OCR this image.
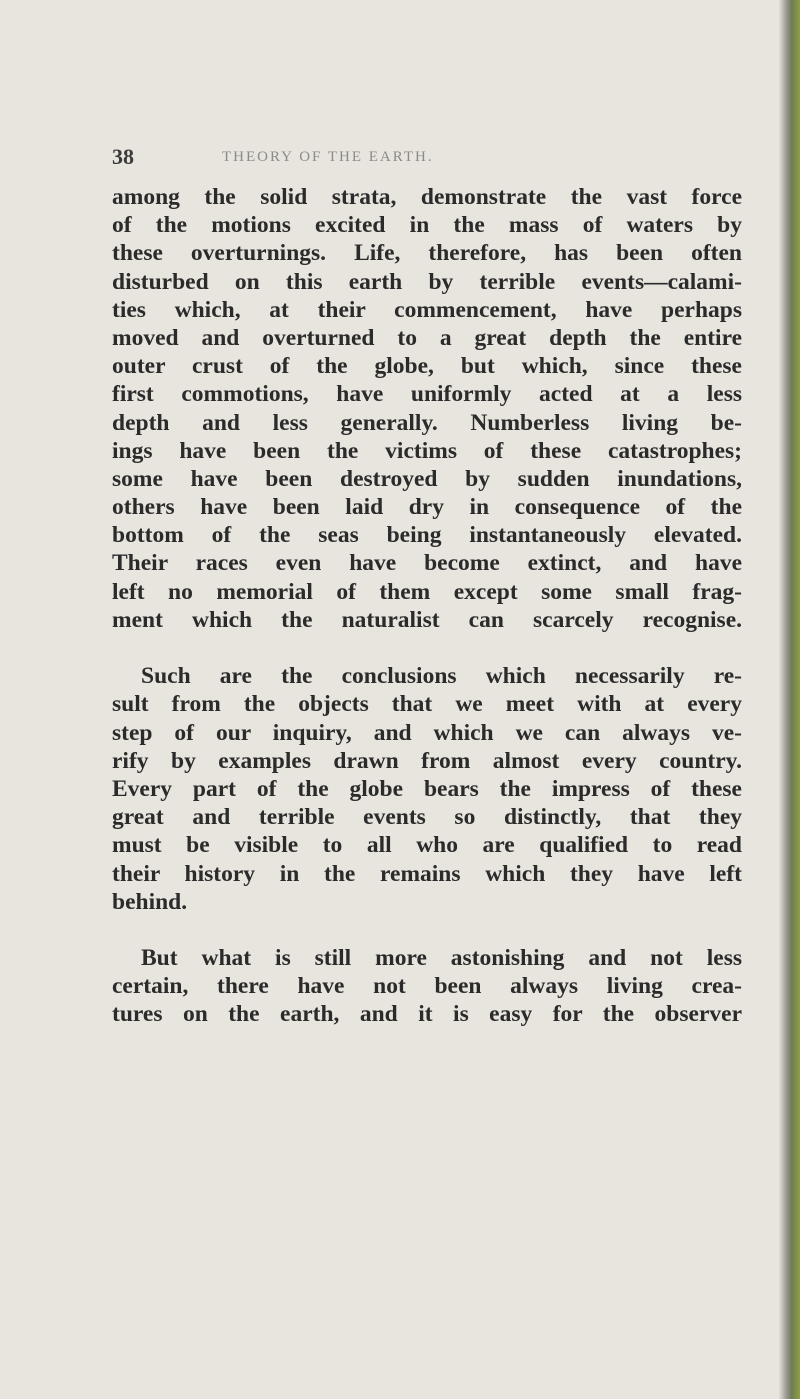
38	THEORY OF THE EARTH.
among the solid strata, demonstrate the vast force
of the motions excited in the mass of waters by
these overturnings. Life, therefore, has been often
disturbed on this earth by terrible events—calami-
ties which, at their commencement, have perhaps
moved and overturned to a great depth the entire
outer crust of the globe, but which, since these
first commotions, have uniformly acted at a less
depth and less generally. Numberless living be-
ings have been the victims of these catastrophes;
some have been destroyed by sudden inundations,
others have been laid dry in consequence of the
bottom of the seas being instantaneously elevated.
Their races even have become extinct, and have
left no memorial of them except some small frag-
ment which the naturalist can scarcely recognise.
Such are the conclusions which necessarily re-
sult from the objects that we meet with at every
step of our inquiry, and which we can always ve-
rify by examples drawn from almost every country.
Every part of the globe bears the impress of these
great and terrible events so distinctly, that they
must be visible to all who are qualified to read
their history in the remains which they have left
behind.
But what is still more astonishing and not less
certain, there have not been always living crea-
tures on the earth, and it is easy for the observer
